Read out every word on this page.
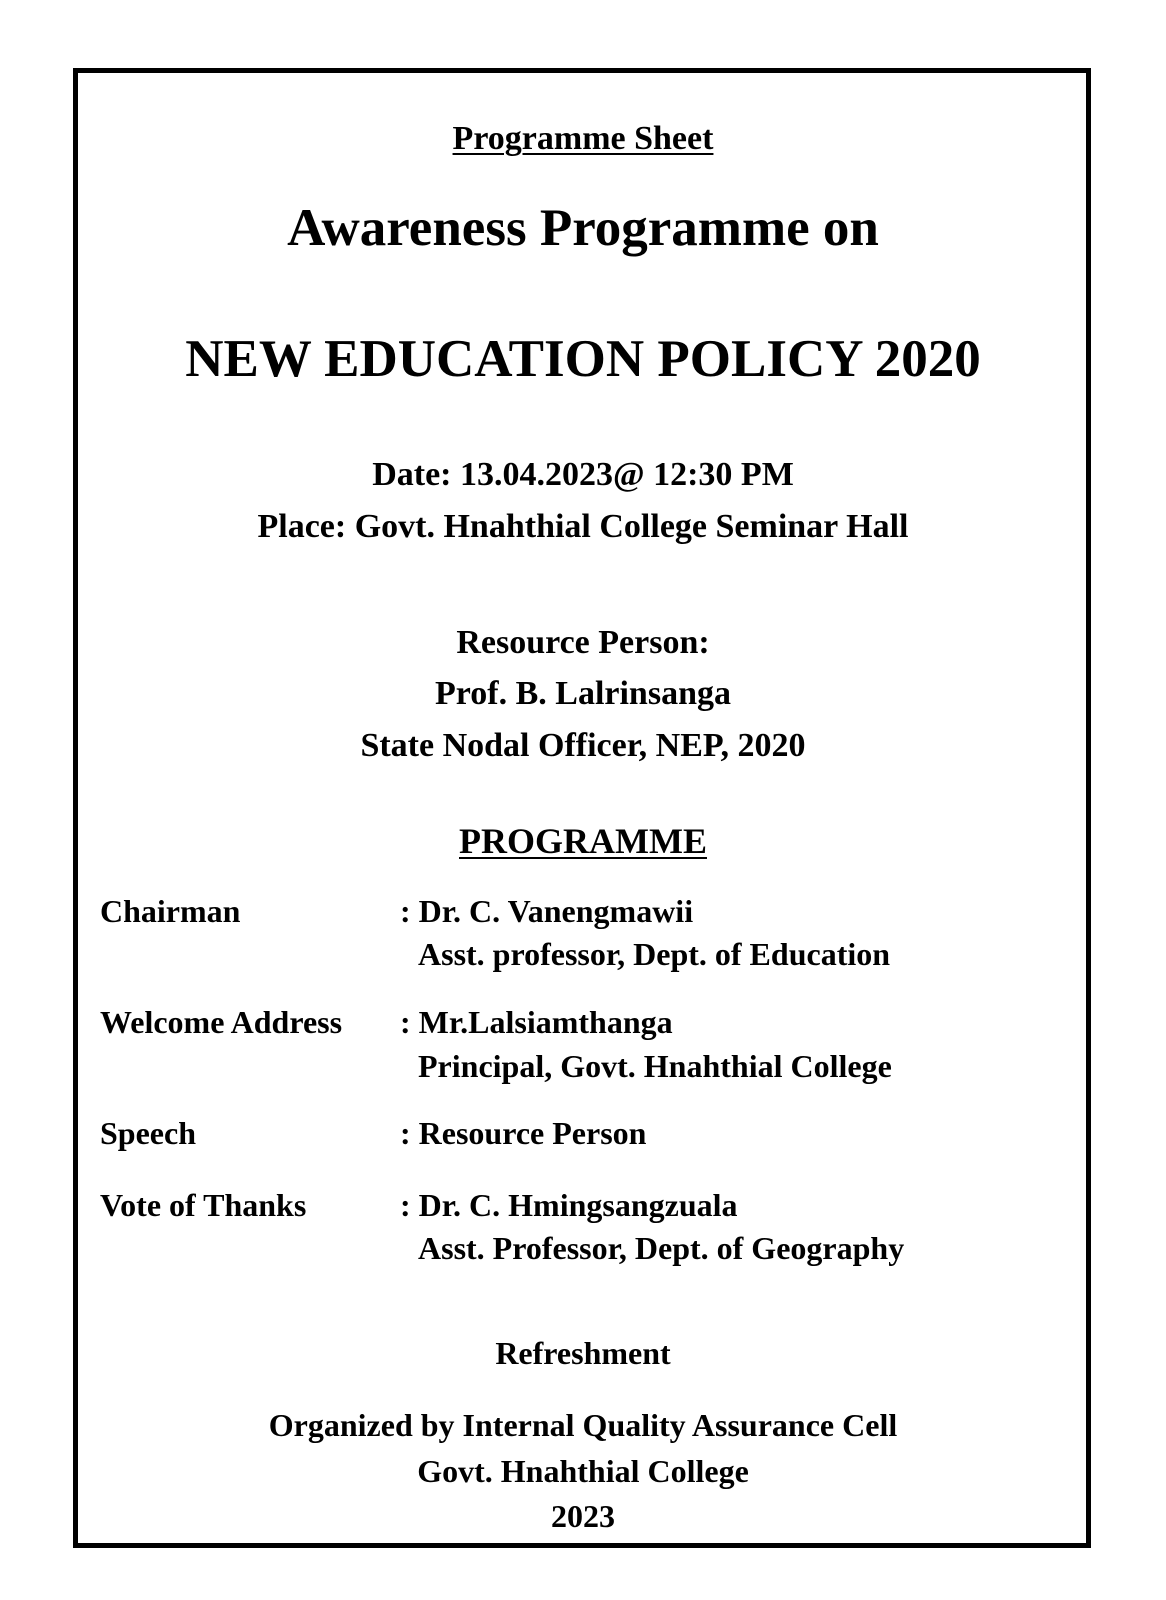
Programme Sheet
Awareness Programme on
NEW EDUCATION POLICY 2020
Date: 13.04.2023@ 12:30 PM
Place: Govt. Hnahthial College Seminar Hall
Resource Person:
Prof. B. Lalrinsanga
State Nodal Officer, NEP, 2020
PROGRAMME
Chairman	: Dr. C. Vanengmawii
Asst. professor, Dept. of Education
Welcome Address : Mr.Lalsiamthanga
Principal, Govt. Hnahthial College
Speech	: Resource Person
Vote of Thanks	: Dr. C. Hmingsangzuala
Asst. Professor, Dept. of Geography
Refreshment
Organized by Internal Quality Assurance Cell
Govt. Hnahthial College
2023
